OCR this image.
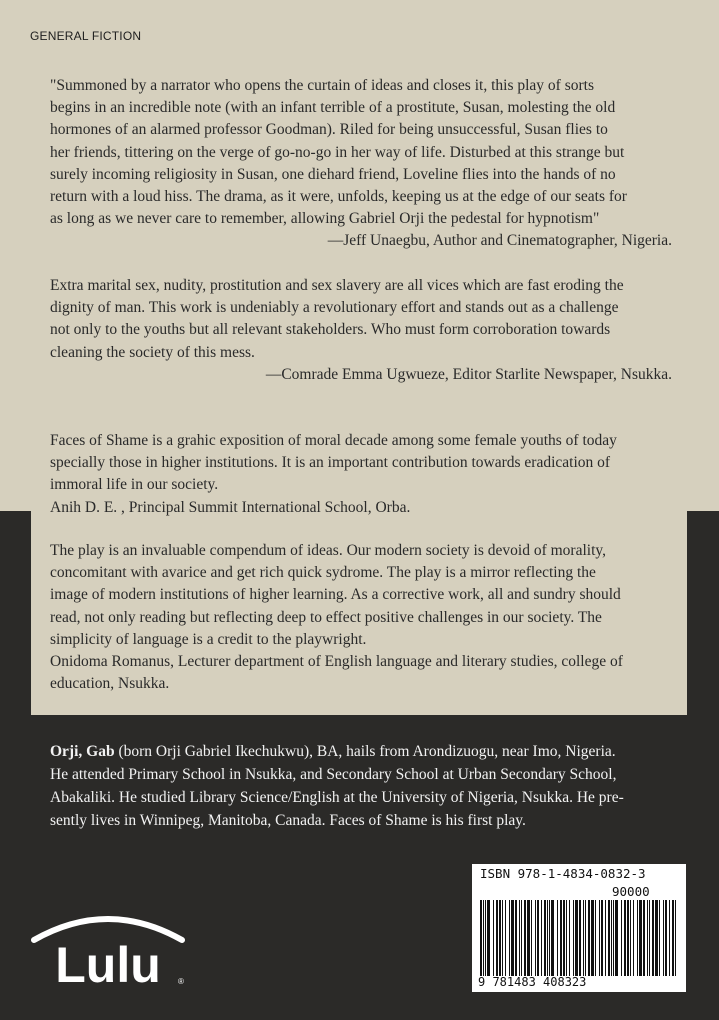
GENERAL FICTION
"Summoned by a narrator who opens the curtain of ideas and closes it, this play of sorts
begins in an incredible note (with an infant terrible of a prostitute, Susan, molesting the old
hormones of an alarmed professor Goodman). Riled for being unsuccessful, Susan flies to
her friends, tittering on the verge of go-no-go in her way of life. Disturbed at this strange but
surely incoming religiosity in Susan, one diehard friend, Loveline flies into the hands of no
return with a loud hiss. The drama, as it were, unfolds, keeping us at the edge of our seats for
as long as we never care to remember, allowing Gabriel Orji the pedestal for hypnotism"
—Jeff Unaegbu, Author and Cinematographer, Nigeria.
Extra marital sex, nudity, prostitution and sex slavery are all vices which are fast eroding the
dignity of man. This work is undeniably a revolutionary effort and stands out as a challenge
not only to the youths but all relevant stakeholders. Who must form corroboration towards
cleaning the society of this mess.
—Comrade Emma Ugwueze, Editor Starlite Newspaper, Nsukka.
Faces of Shame is a grahic exposition of moral decade among some female youths of today
specially those in higher institutions. It is an important contribution towards eradication of
immoral life in our society.
Anih D. E. , Principal Summit International School, Orba.
The play is an invaluable compendum of ideas. Our modern society is devoid of morality,
concomitant with avarice and get rich quick sydrome. The play is a mirror reflecting the
image of modern institutions of higher learning. As a corrective work, all and sundry should
read, not only reading but reflecting deep to effect positive challenges in our society. The
simplicity of language is a credit to the playwright.
Onidoma Romanus, Lecturer department of English language and literary studies, college of
education, Nsukka.
Orji, Gab (born Orji Gabriel Ikechukwu), BA, hails from Arondizuogu, near Imo, Nigeria.
He attended Primary School in Nsukka, and Secondary School at Urban Secondary School,
Abakaliki. He studied Library Science/English at the University of Nigeria, Nsukka. He pre-
sently lives in Winnipeg, Manitoba, Canada. Faces of Shame is his first play.
ISBN 978-1-4834-0832-3
90000
9 781483 408323
Lulu ®
